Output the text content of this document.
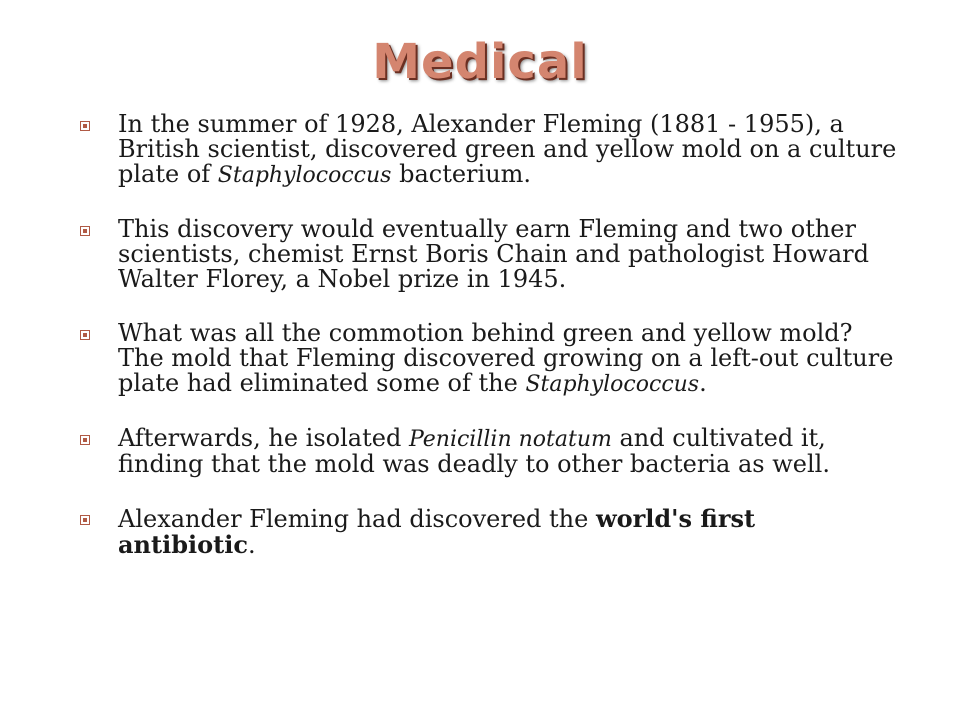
Medical
In the summer of 1928, Alexander Fleming (1881 - 1955), a British scientist, discovered green and yellow mold on a culture plate of Staphylococcus bacterium.
This discovery would eventually earn Fleming and two other scientists, chemist Ernst Boris Chain and pathologist Howard Walter Florey, a Nobel prize in 1945.
What was all the commotion behind green and yellow mold? The mold that Fleming discovered growing on a left-out culture plate had eliminated some of the Staphylococcus.
Afterwards, he isolated Penicillin notatum and cultivated it, finding that the mold was deadly to other bacteria as well.
Alexander Fleming had discovered the world's first antibiotic.
